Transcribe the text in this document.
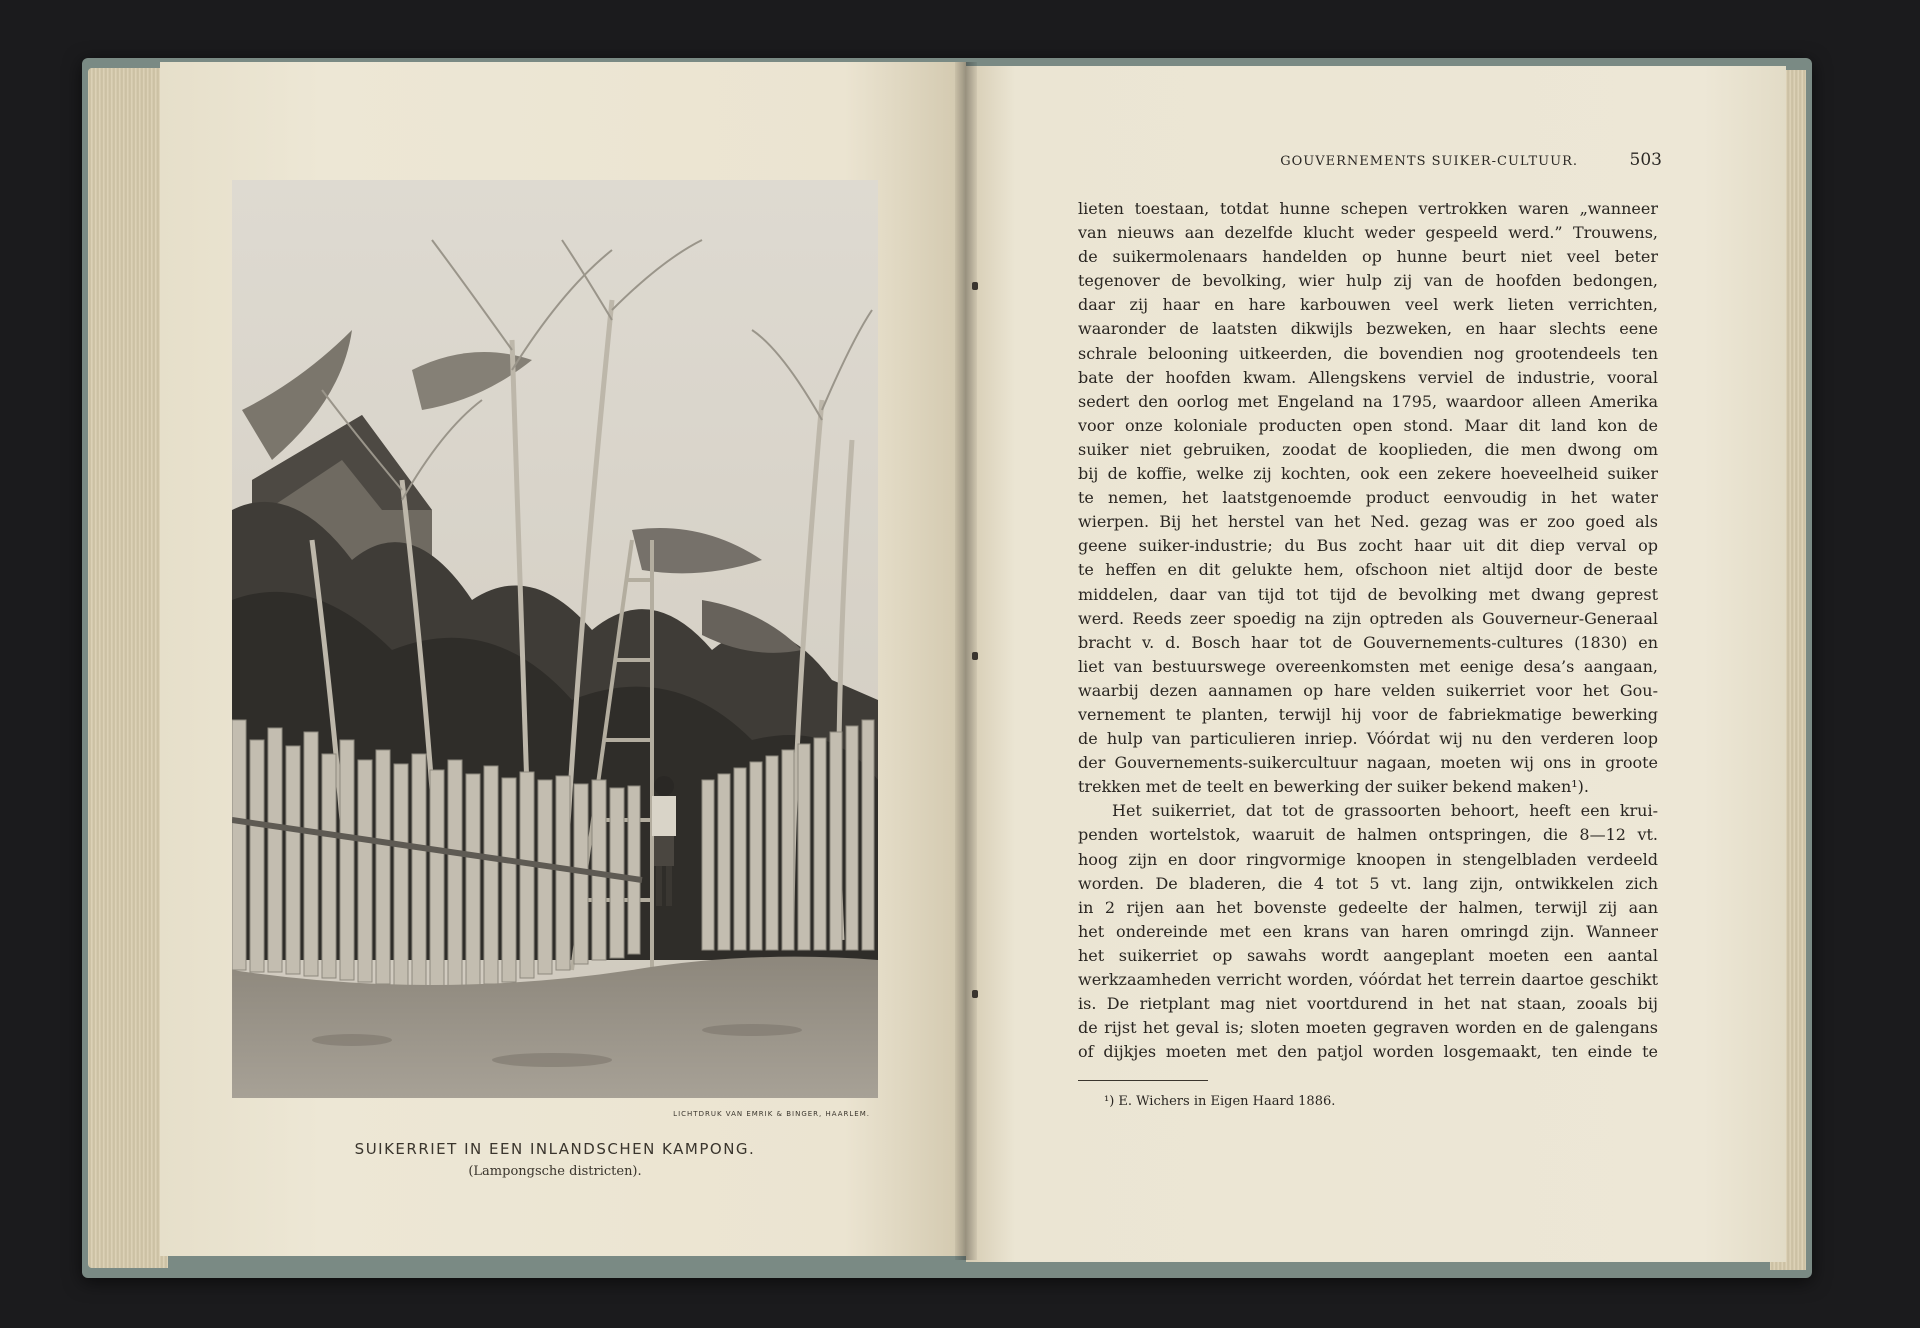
LICHTDRUK VAN EMRIK & BINGER, HAARLEM.
SUIKERRIET IN EEN INLANDSCHEN KAMPONG.
(Lampongsche districten).
GOUVERNEMENTS SUIKER-CULTUUR.	503
lieten toestaan, totdat hunne schepen vertrokken waren „wanneer
van nieuws aan dezelfde klucht weder gespeeld werd.” Trouwens,
de suikermolenaars handelden op hunne beurt niet veel beter
tegenover de bevolking, wier hulp zij van de hoofden bedongen,
daar zij haar en hare karbouwen veel werk lieten verrichten,
waaronder de laatsten dikwijls bezweken, en haar slechts eene
schrale belooning uitkeerden, die bovendien nog grootendeels ten
bate der hoofden kwam. Allengskens verviel de industrie, vooral
sedert den oorlog met Engeland na 1795, waardoor alleen Amerika
voor onze koloniale producten open stond. Maar dit land kon de
suiker niet gebruiken, zoodat de kooplieden, die men dwong om
bij de koffie, welke zij kochten, ook een zekere hoeveelheid suiker
te nemen, het laatstgenoemde product eenvoudig in het water
wierpen. Bij het herstel van het Ned. gezag was er zoo goed als
geene suiker-industrie; du Bus zocht haar uit dit diep verval op
te heffen en dit gelukte hem, ofschoon niet altijd door de beste
middelen, daar van tijd tot tijd de bevolking met dwang geprest
werd. Reeds zeer spoedig na zijn optreden als Gouverneur-Generaal
bracht v. d. Bosch haar tot de Gouvernements-cultures (1830) en
liet van bestuurswege overeenkomsten met eenige desa’s aangaan,
waarbij dezen aannamen op hare velden suikerriet voor het Gou-
vernement te planten, terwijl hij voor de fabriekmatige bewerking
de hulp van particulieren inriep. Vóórdat wij nu den verderen loop
der Gouvernements-suikercultuur nagaan, moeten wij ons in groote
trekken met de teelt en bewerking der suiker bekend maken¹).
Het suikerriet, dat tot de grassoorten behoort, heeft een krui-
penden wortelstok, waaruit de halmen ontspringen, die 8—12 vt.
hoog zijn en door ringvormige knoopen in stengelbladen verdeeld
worden. De bladeren, die 4 tot 5 vt. lang zijn, ontwikkelen zich
in 2 rijen aan het bovenste gedeelte der halmen, terwijl zij aan
het ondereinde met een krans van haren omringd zijn. Wanneer
het suikerriet op sawahs wordt aangeplant moeten een aantal
werkzaamheden verricht worden, vóórdat het terrein daartoe geschikt
is. De rietplant mag niet voortdurend in het nat staan, zooals bij
de rijst het geval is; sloten moeten gegraven worden en de galengans
of dijkjes moeten met den patjol worden losgemaakt, ten einde te
¹) E. Wichers in Eigen Haard 1886.
